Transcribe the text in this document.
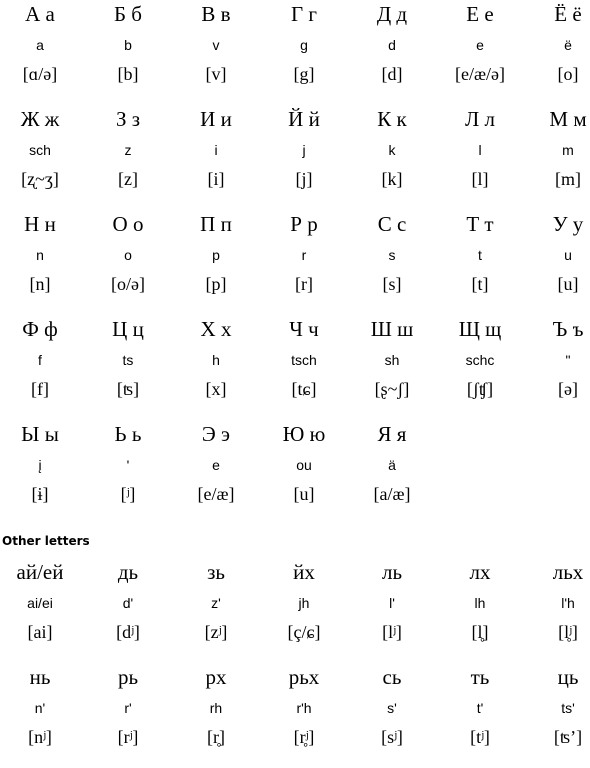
А а
a
[ɑ/ə]
Б б
b
[b]
В в
v
[v]
Г г
g
[g]
Д д
d
[d]
Е е
e
[e/æ/ə]
Ё ё
ё
[o]
Ж ж
sch
[ʐ~ʒ]
З з
z
[z]
И и
i
[i]
Й й
j
[j]
К к
k
[k]
Л л
l
[l]
М м
m
[m]
Н н
n
[n]
О о
o
[o/ə]
П п
p
[p]
Р р
r
[r]
С с
s
[s]
Т т
t
[t]
У у
u
[u]
Ф ф
f
[f]
Ц ц
ts
[ʦ]
Х х
h
[x]
Ч ч
tsch
[tɕ]
Ш ш
sh
[ʂ~ʃ]
Щ щ
schc
[ʃʧ]
Ъ ъ
"
[ə]
Ы ы
į
[ɨ]
Ь ь
'
[ʲ]
Э э
e
[e/æ]
Ю ю
ou
[u]
Я я
ä
[a/æ]
Other letters
ай/ей
ai/ei
[ai]
дь
d'
[dʲ]
зь
z'
[zʲ]
йх
jh
[ç/ɕ]
ль
l'
[lʲ]
лх
lh
[l̥]
льх
l'h
[l̥ʲ]
нь
n'
[nʲ]
рь
r'
[rʲ]
рх
rh
[r̥]
рьх
r'h
[r̥ʲ]
сь
s'
[sʲ]
ть
t'
[tʲ]
ць
ts'
[ʦʼ]
